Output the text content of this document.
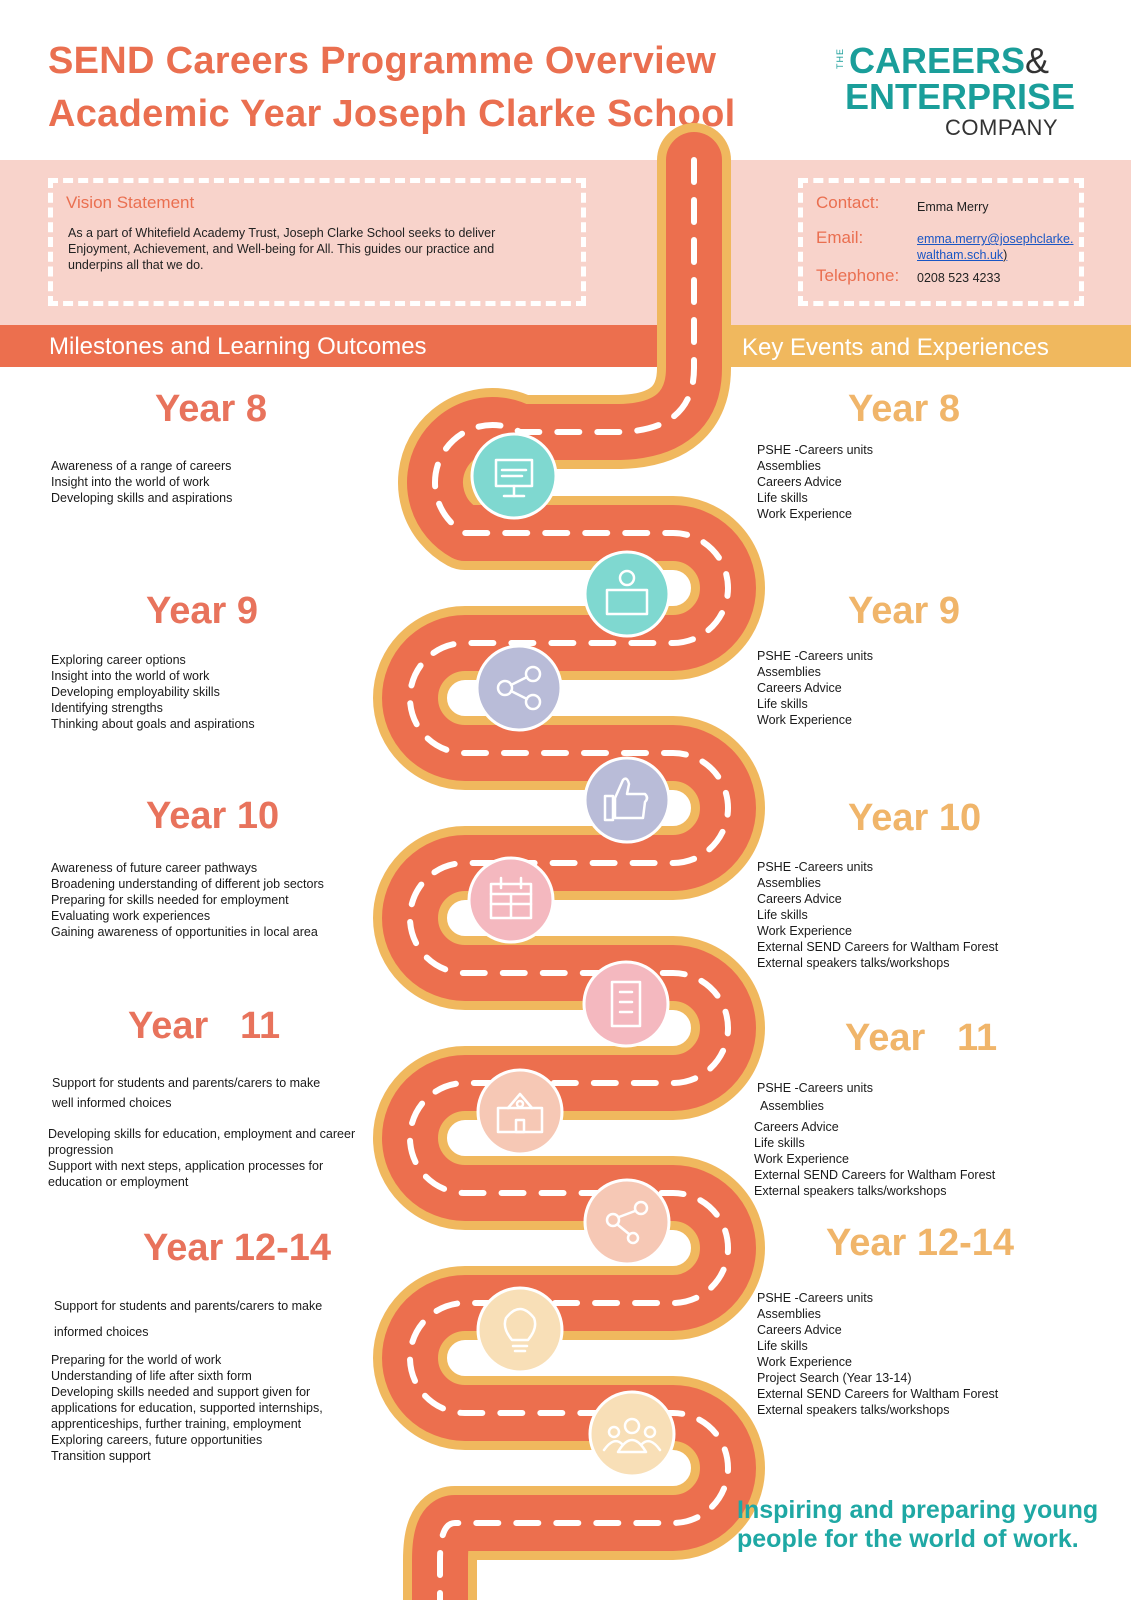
SEND Careers Programme Overview
Academic Year Joseph Clarke School
THE CAREERS&
ENTERPRISE
COMPANY
Vision Statement
As a part of Whitefield Academy Trust, Joseph Clarke School seeks to deliver Enjoyment, Achievement, and Well-being for All. This guides our practice and underpins all that we do.
Contact:
Email:
Telephone:
Emma Merry
emma.merry@josephclarke.waltham.sch.uk)
0208 523 4233
Milestones and Learning Outcomes	Key Events and Experiences
Year 8
Awareness of a range of careers
Insight into the world of work
Developing skills and aspirations
Year 9
Exploring career options
Insight into the world of work
Developing employability skills
Identifying strengths
Thinking about goals and aspirations
Year 10
Awareness of future career pathways
Broadening understanding of different job sectors
Preparing for skills needed for employment
Evaluating work experiences
Gaining awareness of opportunities in local area
Year   11
Support for students and parents/carers to make
well informed choices
Developing skills for education, employment and career progression
Support with next steps, application processes for education or employment
Year 12-14
Support for students and parents/carers to make
informed choices
Preparing for the world of work
Understanding of life after sixth form
Developing skills needed and support given for applications for education, supported internships, apprenticeships, further training, employment
Exploring careers, future opportunities
Transition support
Year 8
PSHE -Careers units
Assemblies
Careers Advice
Life skills
Work Experience
Year 9
PSHE -Careers units
Assemblies
Careers Advice
Life skills
Work Experience
Year 10
PSHE -Careers units
Assemblies
Careers Advice
Life skills
Work Experience
External SEND Careers for Waltham Forest
External speakers talks/workshops
Year   11
PSHE -Careers units
Assemblies
Careers Advice
Life skills
Work Experience
External SEND Careers for Waltham Forest
External speakers talks/workshops
Year 12-14
PSHE -Careers units
Assemblies
Careers Advice
Life skills
Work Experience
Project Search (Year 13-14)
External SEND Careers for Waltham Forest
External speakers talks/workshops
Inspiring and preparing young people for the world of work.
